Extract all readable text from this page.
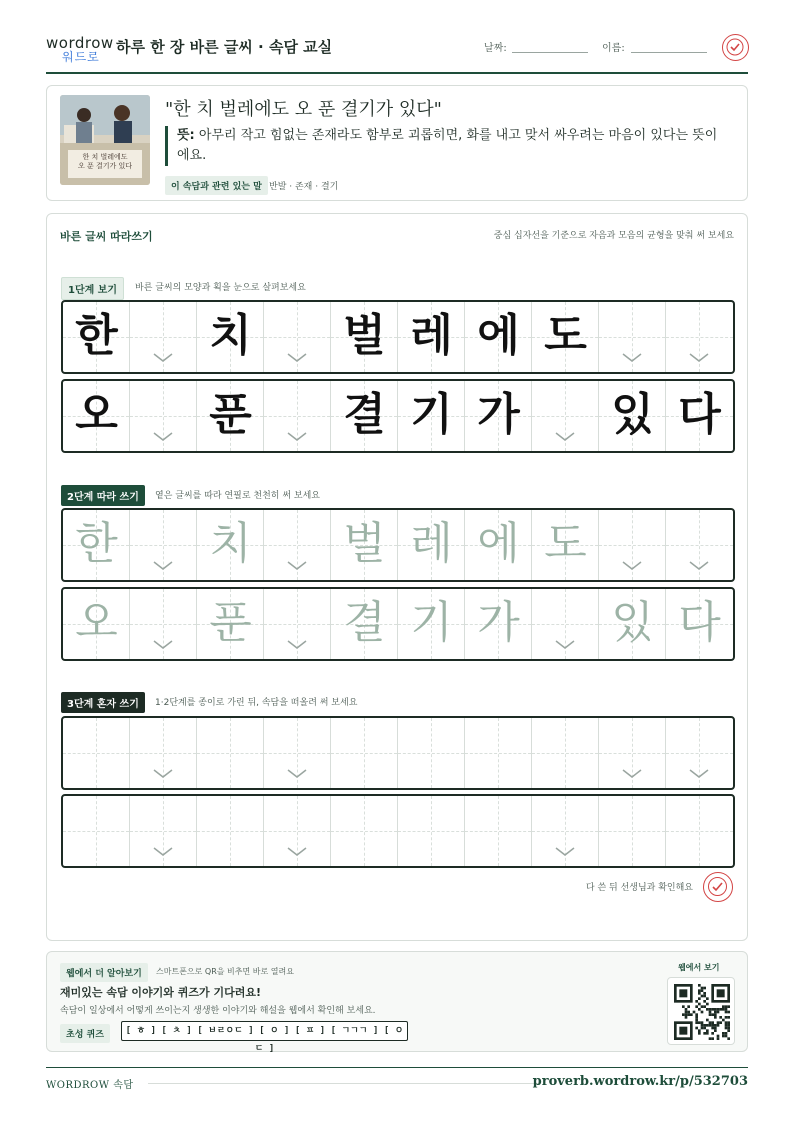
wordrow
워드로
하루 한 장 바른 글씨 · 속담 교실	날짜:	이름:
한 치 벌레에도
오 푼 결기가 있다
"한 치 벌레에도 오 푼 결기가 있다"
뜻: 아무리 작고 힘없는 존재라도 함부로 괴롭히면, 화를 내고 맞서 싸우려는 마음이 있다는 뜻이에요.
이 속담과 관련 있는 말 반발 · 존재 · 결기
바른 글씨 따라쓰기	중심 십자선을 기준으로 자음과 모음의 균형을 맞춰 써 보세요
1단계 보기	바른 글씨의 모양과 획을 눈으로 살펴보세요
한 치 벌 레 에 도
오 푼 결 기 가 있 다
2단계 따라 쓰기	옅은 글씨를 따라 연필로 천천히 써 보세요
한 치 벌 레 에 도
오 푼 결 기 가 있 다
3단계 혼자 쓰기	1·2단계를 종이로 가린 뒤, 속담을 떠올려 써 보세요
다 쓴 뒤 선생님과 확인해요
웹에서 더 알아보기	스마트폰으로 QR을 비추면 바로 열려요
재미있는 속담 이야기와 퀴즈가 기다려요!
속담이 일상에서 어떻게 쓰이는지 생생한 이야기와 해설을 웹에서 확인해 보세요.
초성 퀴즈	[ ㅎ ] [ ㅊ ] [ ㅂㄹㅇㄷ ] [ ㅇ ] [ ㅍ ] [ ㄱㄱㄱ ] [ ㅇㄷ ]
웹에서 보기
WORDROW 속담	proverb.wordrow.kr/p/532703
